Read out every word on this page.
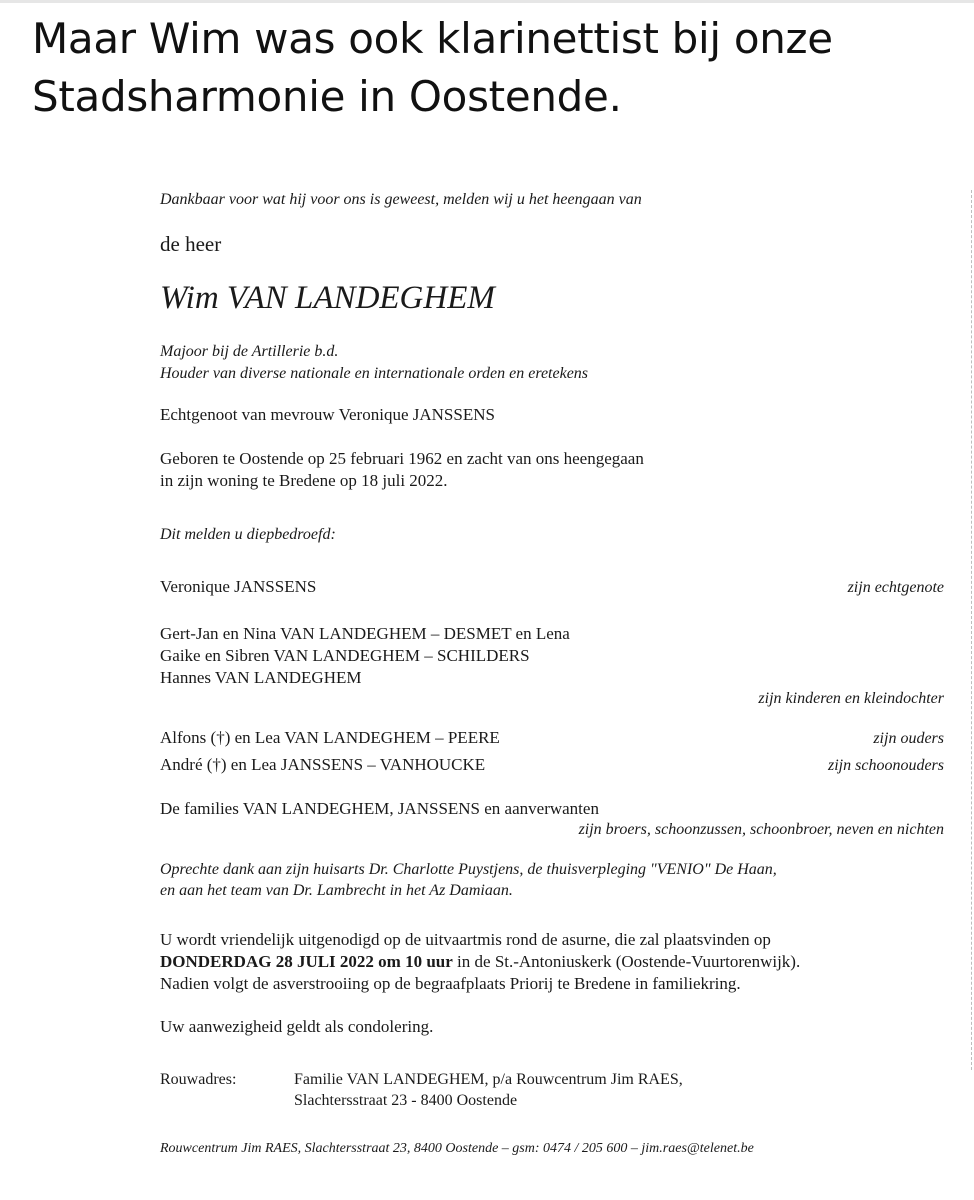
Maar Wim was ook klarinettist bij onze
Stadsharmonie in Oostende.
Dankbaar voor wat hij voor ons is geweest, melden wij u het heengaan van
de heer
Wim VAN LANDEGHEM
Majoor bij de Artillerie b.d.
Houder van diverse nationale en internationale orden en eretekens
Echtgenoot van mevrouw Veronique JANSSENS
Geboren te Oostende op 25 februari 1962 en zacht van ons heengegaan
in zijn woning te Bredene op 18 juli 2022.
Dit melden u diepbedroefd:
Veronique JANSSENS	zijn echtgenote
Gert-Jan en Nina VAN LANDEGHEM – DESMET en Lena
Gaike en Sibren VAN LANDEGHEM – SCHILDERS
Hannes VAN LANDEGHEM
zijn kinderen en kleindochter
Alfons (†) en Lea VAN LANDEGHEM – PEERE	zijn ouders
André (†) en Lea JANSSENS – VANHOUCKE	zijn schoonouders
De families VAN LANDEGHEM, JANSSENS en aanverwanten
zijn broers, schoonzussen, schoonbroer, neven en nichten
Oprechte dank aan zijn huisarts Dr. Charlotte Puystjens, de thuisverpleging "VENIO" De Haan,
en aan het team van Dr. Lambrecht in het Az Damiaan.
U wordt vriendelijk uitgenodigd op de uitvaartmis rond de asurne, die zal plaatsvinden op
DONDERDAG 28 JULI 2022 om 10 uur in de St.-Antoniuskerk (Oostende-Vuurtorenwijk).
Nadien volgt de asverstrooiing op de begraafplaats Priorij te Bredene in familiekring.
Uw aanwezigheid geldt als condolering.
Rouwadres:	Familie VAN LANDEGHEM, p/a Rouwcentrum Jim RAES,
Slachtersstraat 23 - 8400 Oostende
Rouwcentrum Jim RAES, Slachtersstraat 23, 8400 Oostende – gsm: 0474 / 205 600 – jim.raes@telenet.be
